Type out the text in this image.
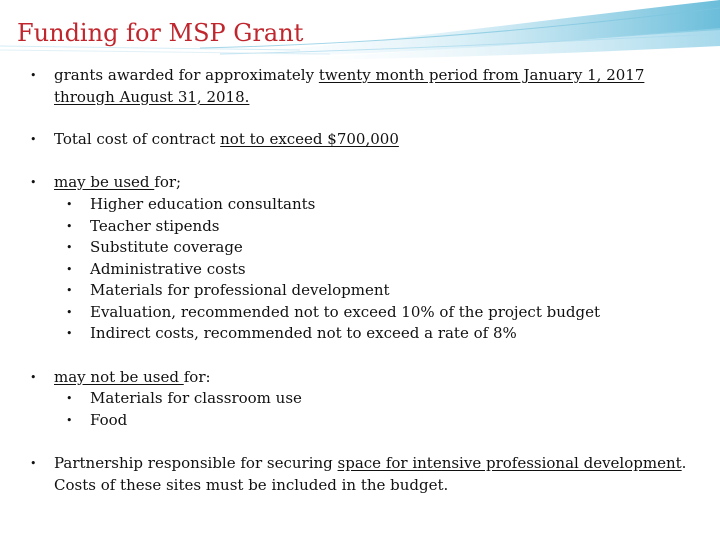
Funding for MSP Grant
• grants awarded for approximately twenty month period from January 1, 2017 through August 31, 2018.
• Total cost of contract not to exceed $700,000
• may be used for;
• Higher education consultants
• Teacher stipends
• Substitute coverage
• Administrative costs
• Materials for professional development
• Evaluation, recommended not to exceed 10% of the project budget
• Indirect costs, recommended not to exceed a rate of 8%
• may not be used for:
• Materials for classroom use
• Food
• Partnership responsible for securing space for intensive professional development. Costs of these sites must be included in the budget.
